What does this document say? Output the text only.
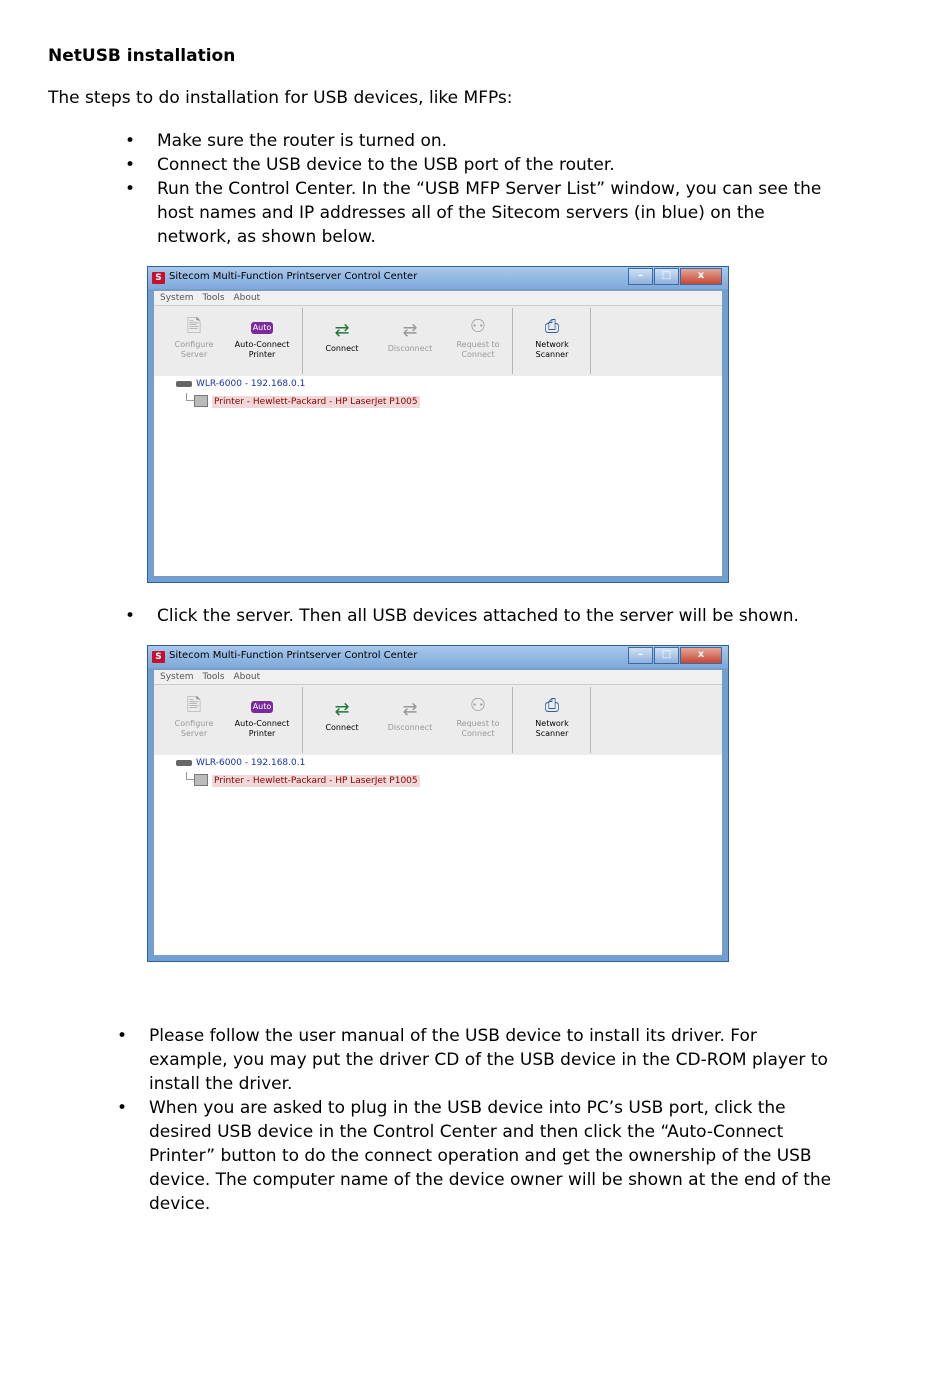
NetUSB installation
The steps to do installation for USB devices, like MFPs:
• Make sure the router is turned on.
• Connect the USB device to the USB port of the router.
• Run the Control Center. In the “USB MFP Server List” window, you can see the host names and IP addresses all of the Sitecom servers (in blue) on the network, as shown below.
S Sitecom Multi-Function Printserver Control Center	–	□	x
System Tools About
🖹
Configure
Server
Auto
Auto-Connect
Printer
⇄
Connect
⇄
Disconnect
⚇
Request to
Connect
⎙
Network
Scanner
WLR-6000 - 192.168.0.1
Printer - Hewlett-Packard - HP LaserJet P1005
• Click the server. Then all USB devices attached to the server will be shown.
S Sitecom Multi-Function Printserver Control Center	–	□	x
System Tools About
🖹
Configure
Server
Auto
Auto-Connect
Printer
⇄
Connect
⇄
Disconnect
⚇
Request to
Connect
⎙
Network
Scanner
WLR-6000 - 192.168.0.1
Printer - Hewlett-Packard - HP LaserJet P1005
• Please follow the user manual of the USB device to install its driver. For example, you may put the driver CD of the USB device in the CD-ROM player to install the driver.
• When you are asked to plug in the USB device into PC’s USB port, click the desired USB device in the Control Center and then click the “Auto-Connect Printer” button to do the connect operation and get the ownership of the USB device. The computer name of the device owner will be shown at the end of the device.
